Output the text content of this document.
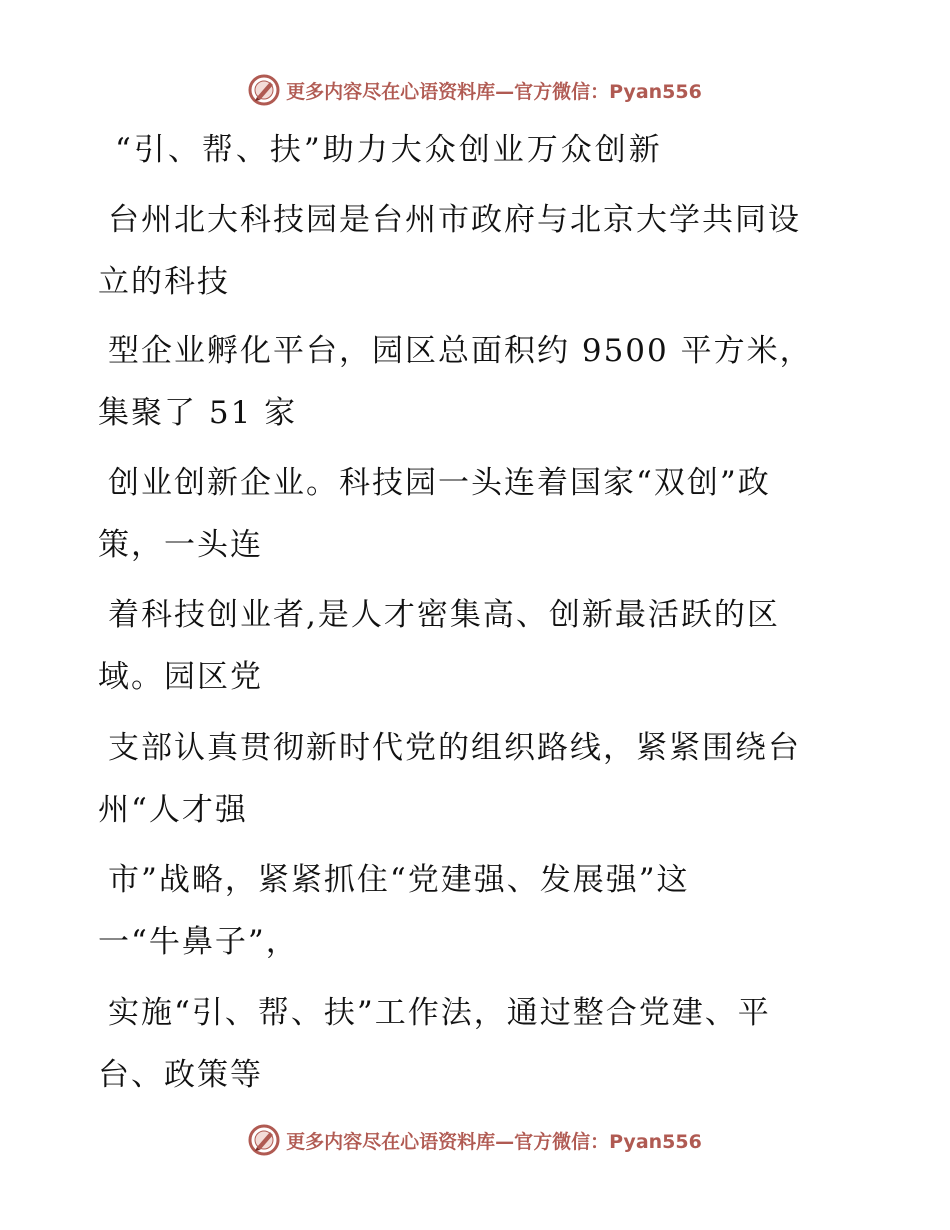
更多内容尽在心语资料库—官方微信：Pyan556
“引、帮、扶”助力大众创业万众创新
台州北大科技园是台州市政府与北京大学共同设
立的科技
型企业孵化平台，园区总面积约 9500 平方米，
集聚了 51 家
创业创新企业。科技园一头连着国家“双创”政
策，一头连
着科技创业者,是人才密集高、创新最活跃的区
域。园区党
支部认真贯彻新时代党的组织路线，紧紧围绕台
州“人才强
市”战略，紧紧抓住“党建强、发展强”这
一“牛鼻子”，
实施“引、帮、扶”工作法，通过整合党建、平
台、政策等
更多内容尽在心语资料库—官方微信：Pyan556
